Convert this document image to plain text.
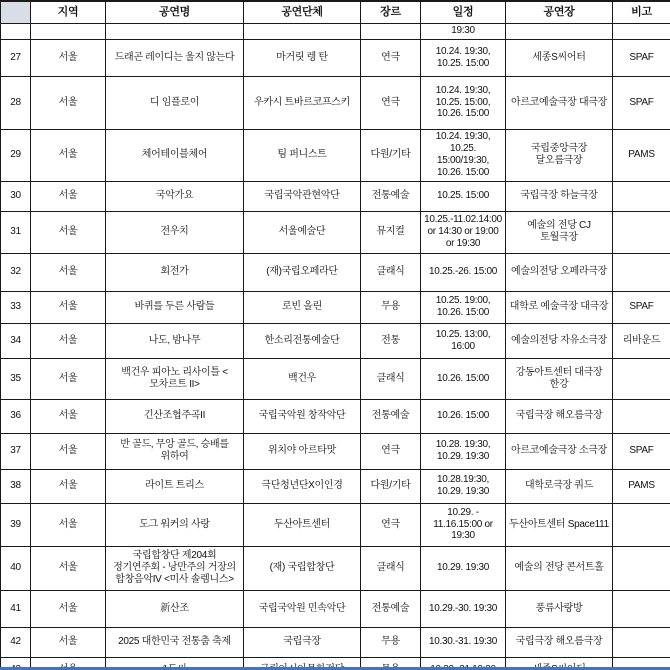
	지역	공연명	공연단체	장르	일정	공연장	비고
					19:30		
27	서울	드래곤 레이디는 울지 않는다	마거릿 렝 탄	연극	10.24. 19:30, 10.25. 15:00	세종S씨어터	SPAF
28	서울	디 임플로이	우카시 트바르코프스키	연극	10.24. 19:30, 10.25. 15:00, 10.26. 15:00	아르코예술극장 대극장	SPAF
29	서울	체어테이블체어	팀 퍼니스트	다원/기타	10.24. 19:30, 10.25. 15:00/19:30, 10.26. 15:00	국립중앙극장 달오름극장	PAMS
30	서울	국악가요	국립국악관현악단	전통예술	10.25. 15:00	국립극장 하늘극장	
31	서울	전우치	서울예술단	뮤지컬	10.25.-11.02.14:00 or 14:30 or 19:00 or 19:30	예술의 전당 CJ 토월극장	
32	서울	회전가	(재)국립오페라단	클래식	10.25.-26. 15:00	예술의전당 오페라극장	
33	서울	바퀴를 두른 사람들	로빈 올린	무용	10.25. 19:00, 10.26. 15:00	대학로 예술극장 대극장	SPAF
34	서울	나도, 밤나무	한소리전통예술단	전통	10.25. 13:00, 16:00	예술의전당 자유소극장	리바운드
35	서울	백건우 피아노 리사이틀 <모차르트 II>	백건우	클래식	10.26. 15:00	강동아트센터 대극장 한강	
36	서울	긴산조협주곡II	국립국악원 창작악단	전통예술	10.26. 15:00	국립극장 해오름극장	
37	서울	반 골드, 무앙 골드, 승배를 위하여	위치야 아르타맛	연극	10.28. 19:30, 10.29. 19:30	아르코예술극장 소극장	SPAF
38	서울	라이트 트리스	극단청년단X이인경	다원/기타	10.28.19:30, 10.29. 19:30	대학로극장 쿼드	PAMS
39	서울	도그 워커의 사랑	두산아트센터	연극	10.29. - 11.16.15:00 or 19:30	두산아트센터 Space111	
40	서울	국립합창단 제204회 정기연주회 - 낭만주의 거장의 합창음악IV <미사 솔렘니스>	(재) 국립합창단	클래식	10.29. 19:30	예술의 전당 콘서트홀	
41	서울	新산조	국립국악원 민속악단	전통예술	10.29.-30. 19:30	풍류사랑방	
42	서울	2025 대한민국 전통춤 축제	국립극장	무용	10.30.-31. 19:30	국립극장 해오름극장	
